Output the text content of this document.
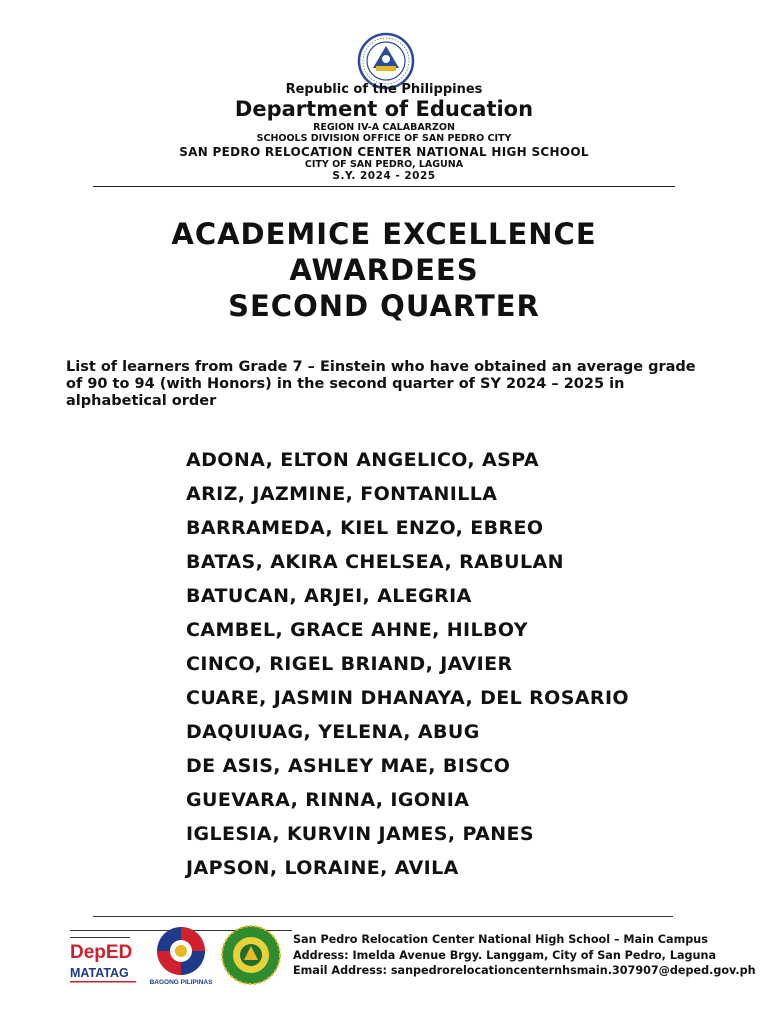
Republic of the Philippines
Department of Education
REGION IV-A CALABARZON
SCHOOLS DIVISION OFFICE OF SAN PEDRO CITY
SAN PEDRO RELOCATION CENTER NATIONAL HIGH SCHOOL
CITY OF SAN PEDRO, LAGUNA
S.Y. 2024 - 2025
ACADEMICE EXCELLENCE
AWARDEES
SECOND QUARTER
List of learners from Grade 7 – Einstein who have obtained an average grade of 90 to 94 (with Honors) in the second quarter of SY 2024 – 2025 in alphabetical order
ADONA, ELTON ANGELICO, ASPA
ARIZ, JAZMINE, FONTANILLA
BARRAMEDA, KIEL ENZO, EBREO
BATAS, AKIRA CHELSEA, RABULAN
BATUCAN, ARJEI, ALEGRIA
CAMBEL, GRACE AHNE, HILBOY
CINCO, RIGEL BRIAND, JAVIER
CUARE, JASMIN DHANAYA, DEL ROSARIO
DAQUIUAG, YELENA, ABUG
DE ASIS, ASHLEY MAE, BISCO
GUEVARA, RINNA, IGONIA
IGLESIA, KURVIN JAMES, PANES
JAPSON, LORAINE, AVILA
DepED
MATATAG
BAGONG PILIPINAS
San Pedro Relocation Center National High School – Main Campus
Address: Imelda Avenue Brgy. Langgam, City of San Pedro, Laguna
Email Address: sanpedrorelocationcenternhsmain.307907@deped.gov.ph
